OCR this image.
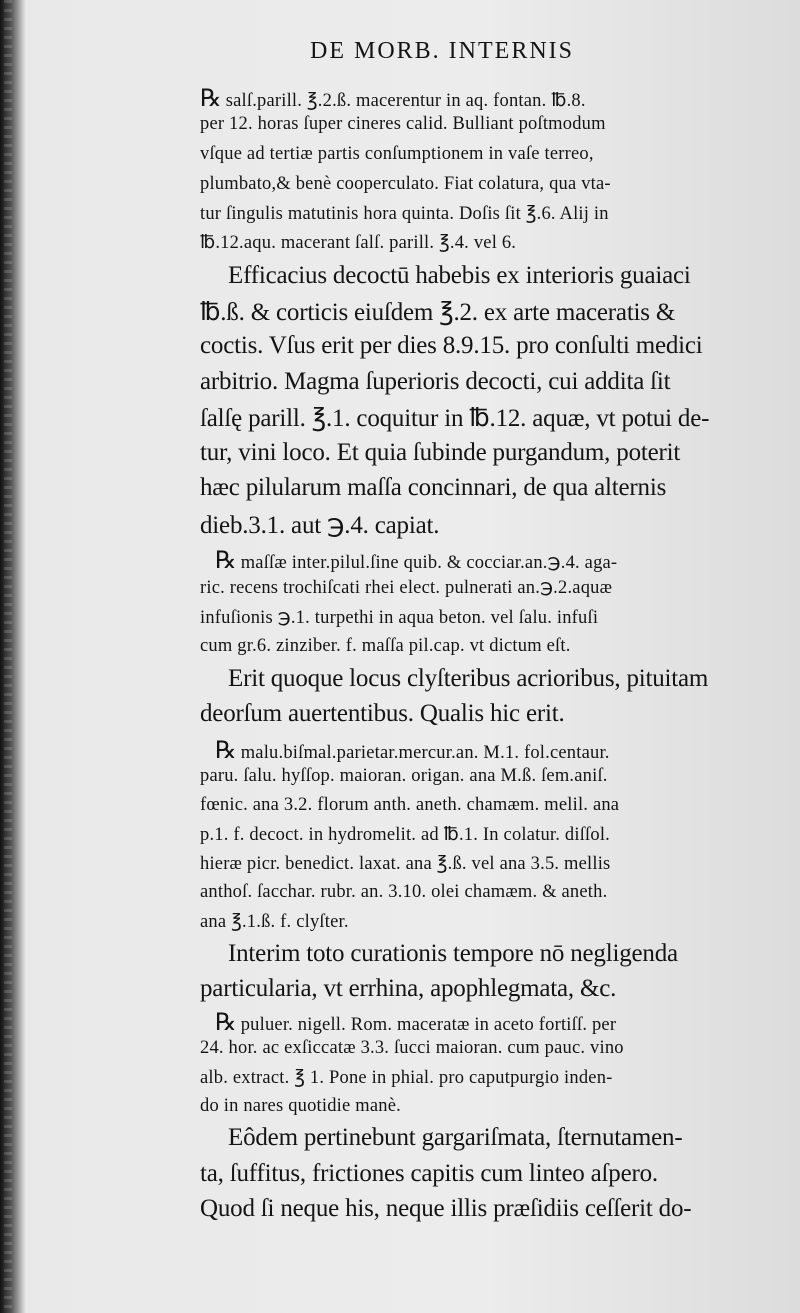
DE MORB. INTERNIS
℞ salſ.parill. ℥.2.ß. macerentur in aq. fontan. ℔.8.
per 12. horas ſuper cineres calid. Bulliant poſtmodum
vſque ad tertiæ partis conſumptionem in vaſe terreo,
plumbato,& benè cooperculato. Fiat colatura, qua vta-
tur ſingulis matutinis hora quinta. Doſis ſit ℥.6. Alij in
℔.12.aqu. macerant ſalſ. parill. ℥.4. vel 6.
Efficacius decoctū habebis ex interioris guaiaci
℔.ß. & corticis eiuſdem ℥.2. ex arte maceratis &
coctis. Vſus erit per dies 8.9.15. pro conſulti medici
arbitrio. Magma ſuperioris decocti, cui addita ſit
ſalſę parill. ℥.1. coquitur in ℔.12. aquæ, vt potui de-
tur, vini loco. Et quia ſubinde purgandum, poterit
hæc pilularum maſſa concinnari, de qua alternis
dieb.3.1. aut ℈.4. capiat.
℞ maſſæ inter.pilul.ſine quib. & cocciar.an.℈.4. aga-
ric. recens trochiſcati rhei elect. pulnerati an.℈.2.aquæ
infuſionis ℈.1. turpethi in aqua beton. vel ſalu. infuſi
cum gr.6. zinziber. f. maſſa pil.cap. vt dictum eſt.
Erit quoque locus clyſteribus acrioribus, pituitam
deorſum auertentibus. Qualis hic erit.
℞ malu.biſmal.parietar.mercur.an. M.1. fol.centaur.
paru. ſalu. hyſſop. maioran. origan. ana M.ß. ſem.aniſ.
fœnic. ana 3.2. florum anth. aneth. chamæm. melil. ana
p.1. f. decoct. in hydromelit. ad ℔.1. In colatur. diſſol.
hieræ picr. benedict. laxat. ana ℥.ß. vel ana 3.5. mellis
anthoſ. ſacchar. rubr. an. 3.10. olei chamæm. & aneth.
ana ℥.1.ß. f. clyſter.
Interim toto curationis tempore nō negligenda
particularia, vt errhina, apophlegmata, &c.
℞ puluer. nigell. Rom. maceratæ in aceto fortiſſ. per
24. hor. ac exſiccatæ 3.3. ſucci maioran. cum pauc. vino
alb. extract. ℥ 1. Pone in phial. pro caputpurgio inden-
do in nares quotidie manè.
Eôdem pertinebunt gargariſmata, ſternutamen-
ta, ſuffitus, frictiones capitis cum linteo aſpero.
Quod ſi neque his, neque illis præſidiis ceſſerit do-
